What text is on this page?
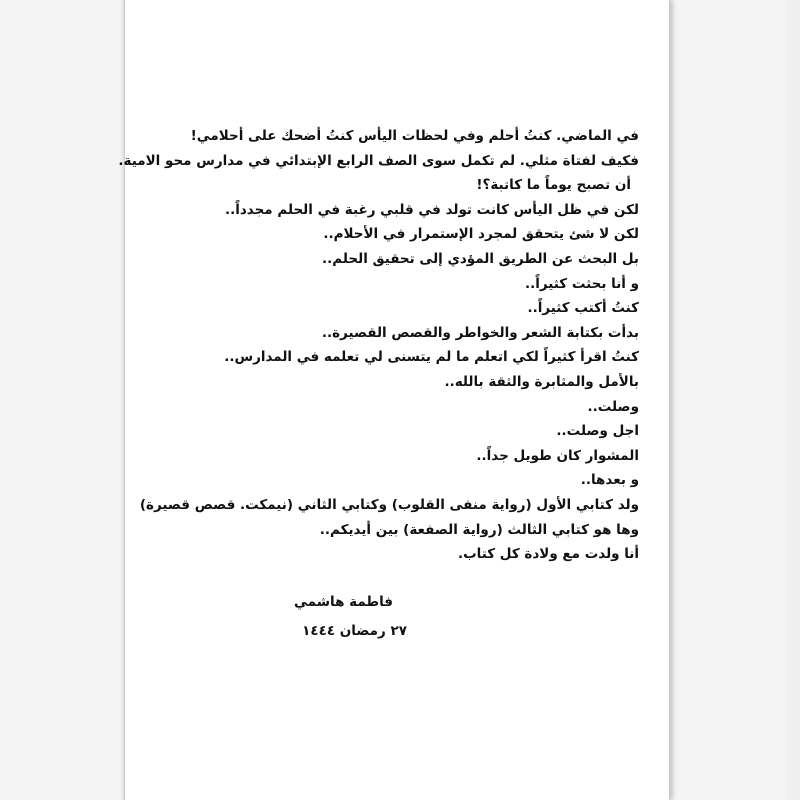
في الماضي. كنتُ أحلم وفي لحظات اليأس كنتُ أضحك على أحلامي!
فكيف لفتاة مثلي. لم تكمل سوى الصف الرابع الإبتدائي في مدارس محو الامية.
أن تصبح يوماً ما كاتبة؟!
لكن في ظل اليأس كانت تولد في قلبي رغبة في الحلم مجدداً..
لكن لا شئ يتحقق لمجرد الإستمرار في الأحلام..
بل البحث عن الطريق المؤدي إلى تحقيق الحلم..
و أنا بحثت كثيراً..
كنتُ أكتب كثيراً..
بدأت بكتابة الشعر والخواطر والقصص القصيرة..
كنتُ اقرأ كثيراً لكي اتعلم ما لم يتسنى لي تعلمه في المدارس..
بالأمل والمثابرة والثقة بالله..
وصلت..
اجل وصلت..
المشوار كان طويل جداً..
و بعدها..
ولد كتابي الأول (رواية منفى القلوب) وكتابي الثاني (نيمكت. قصص قصيرة)
وها هو كتابي الثالث (رواية الصفعة) بين أيديكم..
أنا ولدت مع ولادة كل كتاب.
فاطمة هاشمي
٢٧ رمضان ١٤٤٤
